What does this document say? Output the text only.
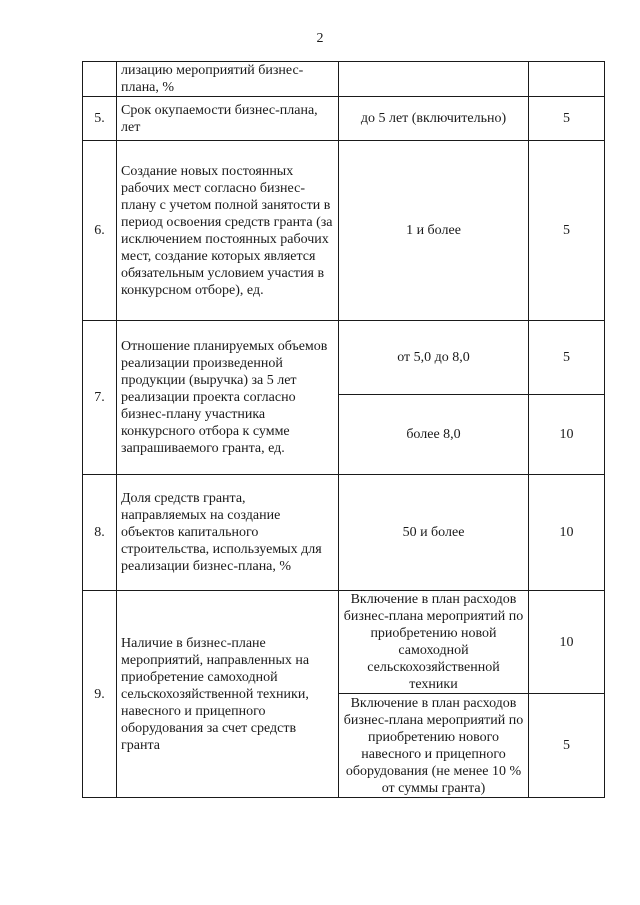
2
	лизацию мероприятий бизнес-плана, %		
5.	Срок окупаемости бизнес-плана, лет	до 5 лет (включительно)	5
6.	Создание новых постоянных рабочих мест согласно бизнес-плану с учетом полной занятости в период освоения средств гранта (за исключением постоянных рабочих мест, создание которых является обязательным условием участия в конкурсном отборе), ед.	1 и более	5
7.	Отношение планируемых объемов реализации произведенной продукции (выручка) за 5 лет реализации проекта согласно бизнес-плану участника конкурсного отбора к сумме запрашиваемого гранта, ед.	от 5,0 до 8,0	5
		более 8,0	10
8.	Доля средств гранта, направляемых на создание объектов капитального строительства, используемых для реализации бизнес-плана, %	50 и более	10
9.	Наличие в бизнес-плане мероприятий, направленных на приобретение самоходной сельскохозяйственной техники, навесного и прицепного оборудования за счет средств гранта	Включение в план расходов бизнес-плана мероприятий по приобретению новой самоходной сельскохозяйственной техники	10
		Включение в план расходов бизнес-плана мероприятий по приобретению нового навесного и прицепного оборудования (не менее 10 % от суммы гранта)	5
